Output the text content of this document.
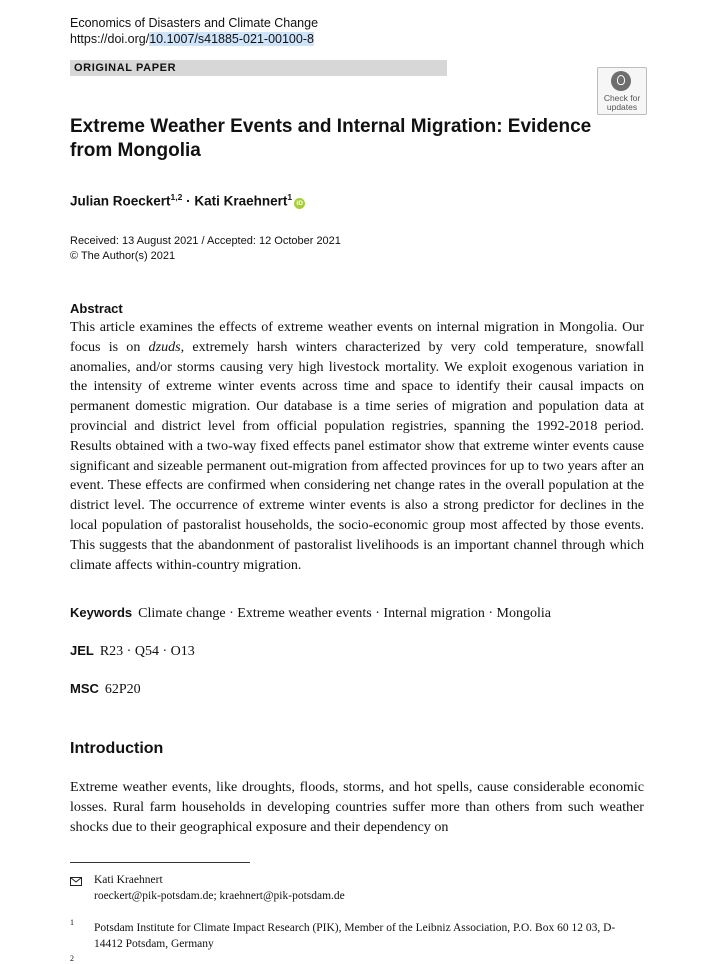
Economics of Disasters and Climate Change
https://doi.org/10.1007/s41885-021-00100-8
ORIGINAL PAPER
Check for
updates
Extreme Weather Events and Internal Migration: Evidence from Mongolia
Julian Roeckert$^{1,2}$ · Kati Kraehnert$^1$iD
Received: 13 August 2021 / Accepted: 12 October 2021
© The Author(s) 2021
Abstract
This article examines the effects of extreme weather events on internal migration in Mongolia. Our focus is on dzuds, extremely harsh winters characterized by very cold temperature, snowfall anomalies, and/or storms causing very high livestock mortality. We exploit exogenous variation in the intensity of extreme winter events across time and space to identify their causal impacts on permanent domestic migration. Our database is a time series of migration and population data at provincial and district level from official population registries, spanning the 1992-2018 period. Results obtained with a two-way fixed effects panel estimator show that extreme winter events cause significant and sizeable permanent out-migration from affected provinces for up to two years after an event. These effects are confirmed when considering net change rates in the overall population at the district level. The occurrence of extreme winter events is also a strong predictor for declines in the local population of pastoralist households, the socio-economic group most affected by those events. This suggests that the abandonment of pastoralist livelihoods is an important channel through which climate affects within-country migration.
Keywords Climate change · Extreme weather events · Internal migration · Mongolia
JEL R23 · Q54 · O13
MSC 62P20
Introduction
Extreme weather events, like droughts, floods, storms, and hot spells, cause considerable economic losses. Rural farm households in developing countries suffer more than others from such weather shocks due to their geographical exposure and their dependency on
Kati Kraehnert
roeckert@pik-potsdam.de; kraehnert@pik-potsdam.de
1 Potsdam Institute for Climate Impact Research (PIK), Member of the Leibniz Association, P.O. Box 60 12 03, D-14412 Potsdam, Germany
2
